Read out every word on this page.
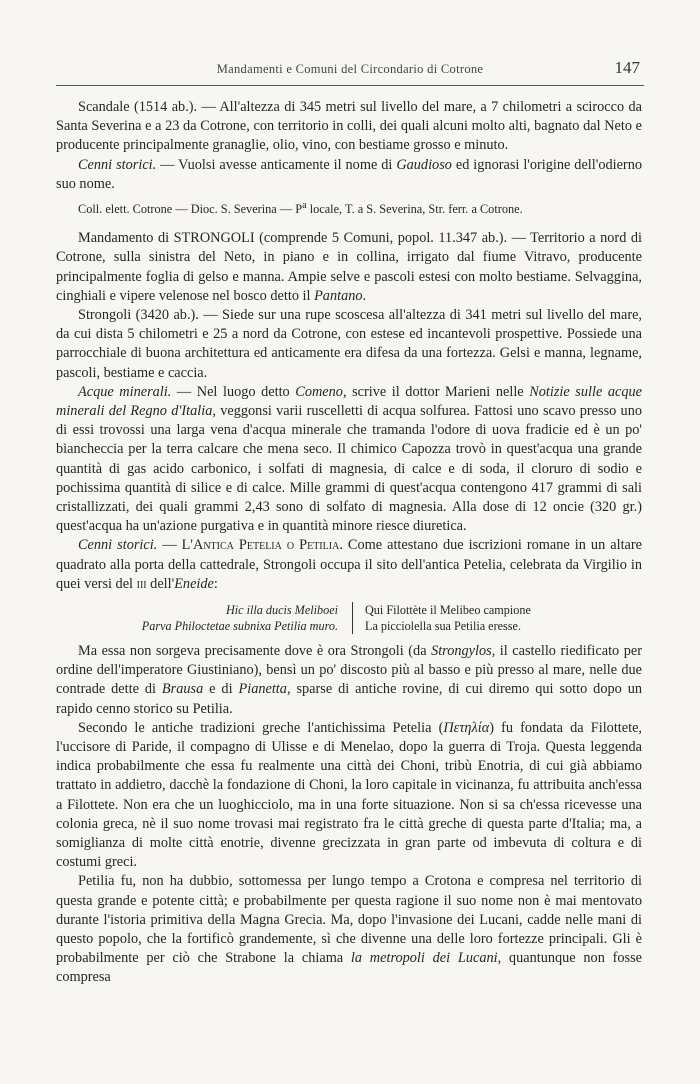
Mandamenti e Comuni del Circondario di Cotrone	147

Scandale (1514 ab.). — All'altezza di 345 metri sul livello del mare, a 7 chilometri a scirocco da Santa Severina e a 23 da Cotrone, con territorio in colli, dei quali alcuni molto alti, bagnato dal Neto e producente principalmente granaglie, olio, vino, con bestiame grosso e minuto.

Cenni storici. — Vuolsi avesse anticamente il nome di Gaudioso ed ignorasi l'origine dell'odierno suo nome.

Coll. elett. Cotrone — Dioc. S. Severina — $P^a$ locale, T. a S. Severina, Str. ferr. a Cotrone.

Mandamento di STRONGOLI (comprende 5 Comuni, popol. 11.347 ab.). — Territorio a nord di Cotrone, sulla sinistra del Neto, in piano e in collina, irrigato dal fiume Vitravo, producente principalmente foglia di gelso e manna. Ampie selve e pascoli estesi con molto bestiame. Selvaggina, cinghiali e vipere velenose nel bosco detto il Pantano.

Strongoli (3420 ab.). — Siede sur una rupe scoscesa all'altezza di 341 metri sul livello del mare, da cui dista 5 chilometri e 25 a nord da Cotrone, con estese ed incantevoli prospettive. Possiede una parrocchiale di buona architettura ed anticamente era difesa da una fortezza. Gelsi e manna, legname, pascoli, bestiame e caccia.

Acque minerali. — Nel luogo detto Comeno, scrive il dottor Marieni nelle Notizie sulle acque minerali del Regno d'Italia, veggonsi varii ruscelletti di acqua solfurea. Fattosi uno scavo presso uno di essi trovossi una larga vena d'acqua minerale che tramanda l'odore di uova fradicie ed è un po' biancheccia per la terra calcare che mena seco. Il chimico Capozza trovò in quest'acqua una grande quantità di gas acido carbonico, i solfati di magnesia, di calce e di soda, il cloruro di sodio e pochissima quantità di silice e di calce. Mille grammi di quest'acqua contengono 417 grammi di sali cristallizzati, dei quali grammi 2,43 sono di solfato di magnesia. Alla dose di 12 oncie (320 gr.) quest'acqua ha un'azione purgativa e in quantità minore riesce diuretica.

Cenni storici. — L'Antica Petelia o Petilia. Come attestano due iscrizioni romane in un altare quadrato alla porta della cattedrale, Strongoli occupa il sito dell'antica Petelia, celebrata da Virgilio in quei versi del iii dell'Eneide:

Hic illa ducis Meliboei
Parva Philoctetae subnixa Petilia muro.
Qui Filottète il Melibeo campione
La picciolella sua Petilia eresse.

Ma essa non sorgeva precisamente dove è ora Strongoli (da Strongylos, il castello riedificato per ordine dell'imperatore Giustiniano), bensì un po' discosto più al basso e più presso al mare, nelle due contrade dette di Brausa e di Pianetta, sparse di antiche rovine, di cui diremo qui sotto dopo un rapido cenno storico su Petilia.

Secondo le antiche tradizioni greche l'antichissima Petelia (Πετηλία) fu fondata da Filottete, l'uccisore di Paride, il compagno di Ulisse e di Menelao, dopo la guerra di Troja. Questa leggenda indica probabilmente che essa fu realmente una città dei Choni, tribù Enotria, di cui già abbiamo trattato in addietro, dacchè la fondazione di Choni, la loro capitale in vicinanza, fu attribuita anch'essa a Filottete. Non era che un luoghicciolo, ma in una forte situazione. Non si sa ch'essa ricevesse una colonia greca, nè il suo nome trovasi mai registrato fra le città greche di questa parte d'Italia; ma, a somiglianza di molte città enotrie, divenne grecizzata in gran parte od imbevuta di coltura e di costumi greci.

Petilia fu, non ha dubbio, sottomessa per lungo tempo a Crotona e compresa nel territorio di questa grande e potente città; e probabilmente per questa ragione il suo nome non è mai mentovato durante l'istoria primitiva della Magna Grecia. Ma, dopo l'invasione dei Lucani, cadde nelle mani di questo popolo, che la fortificò grandemente, sì che divenne una delle loro fortezze principali. Gli è probabilmente per ciò che Strabone la chiama la metropoli dei Lucani, quantunque non fosse compresa
